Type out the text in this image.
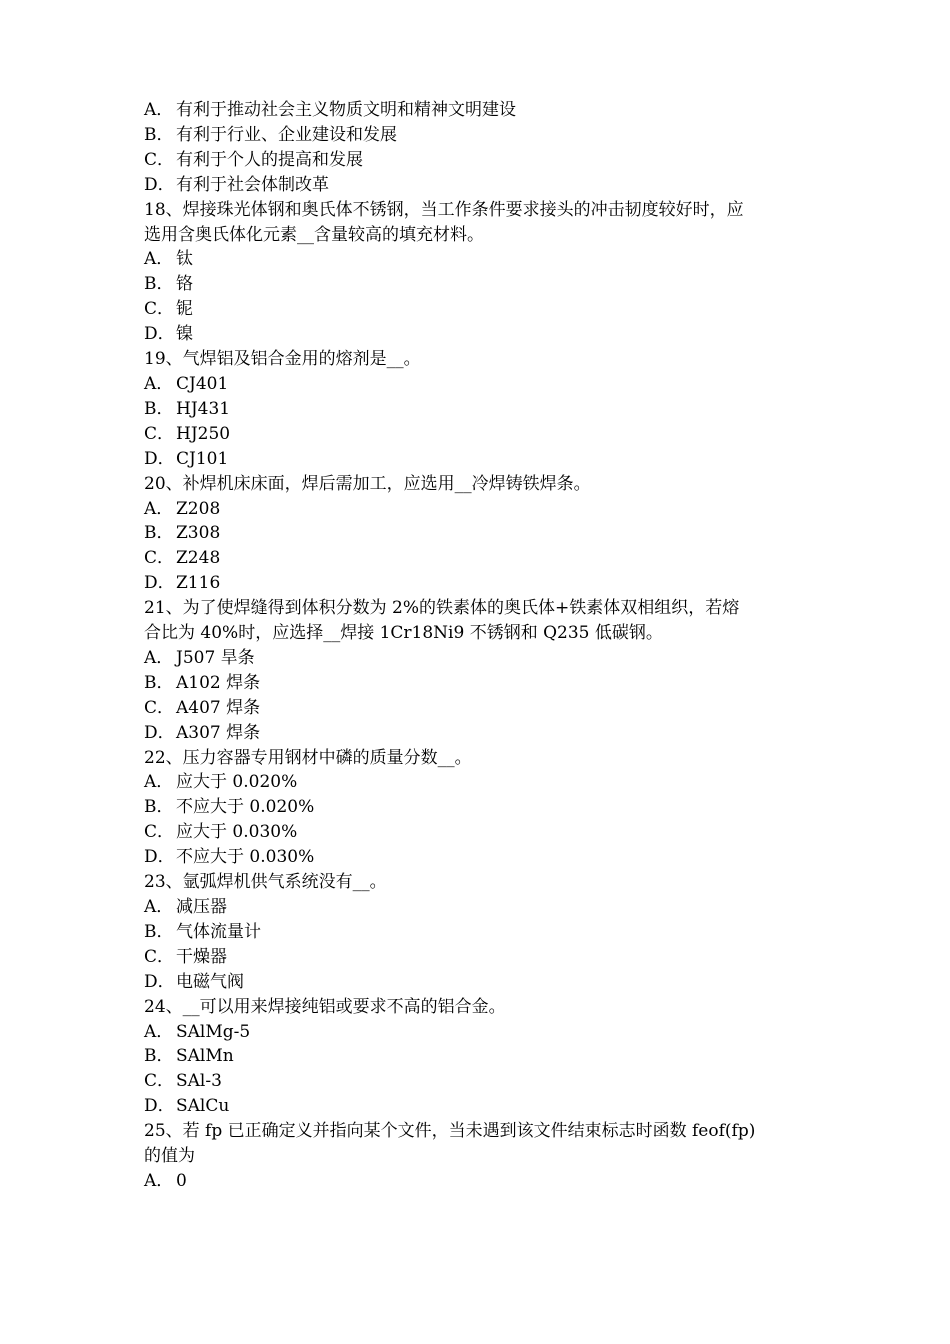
A． 有利于推动社会主义物质文明和精神文明建设
B． 有利于行业、企业建设和发展
C． 有利于个人的提高和发展
D．有利于社会体制改革
18、焊接珠光体钢和奥氏体不锈钢，当工作条件要求接头的冲击韧度较好时，应
选用含奥氏体化元素__含量较高的填充材料。
A． 钛
B． 铬
C． 铌
D．镍
19、气焊铝及铝合金用的熔剂是__。
A． CJ401
B． HJ431
C． HJ250
D．CJ101
20、补焊机床床面，焊后需加工，应选用__冷焊铸铁焊条。
A． Z208
B． Z308
C． Z248
D．Z116
21、为了使焊缝得到体积分数为 2%的铁素体的奥氏体+铁素体双相组织，若熔
合比为 40%时，应选择__焊接 1Cr18Ni9 不锈钢和 Q235 低碳钢。
A． J507 旱条
B． A102 焊条
C． A407 焊条
D．A307 焊条
22、压力容器专用钢材中磷的质量分数__。
A． 应大于 0.020%
B． 不应大于 0.020%
C． 应大于 0.030%
D．不应大于 0.030%
23、氩弧焊机供气系统没有__。
A． 减压器
B． 气体流量计
C． 干燥器
D．电磁气阀
24、__可以用来焊接纯铝或要求不高的铝合金。
A． SAlMg-5
B． SAlMn
C． SAl-3
D．SAlCu
25、若 fp 已正确定义并指向某个文件，当未遇到该文件结束标志时函数 feof(fp)
的值为
A． 0
